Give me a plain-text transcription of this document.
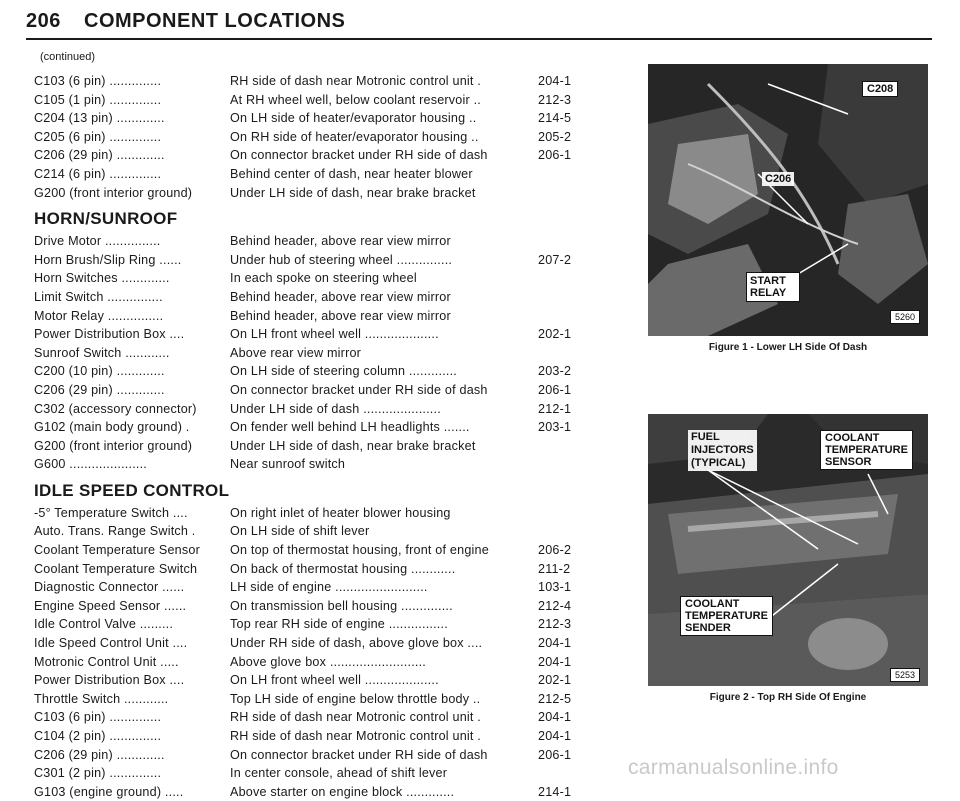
206 COMPONENT LOCATIONS
(continued)
C103 (6 pin) ..............	RH side of dash near Motronic control unit .	204-1
C105 (1 pin) ..............	At RH wheel well, below coolant reservoir ..	212-3
C204 (13 pin) .............	On LH side of heater/evaporator housing ..	214-5
C205 (6 pin) ..............	On RH side of heater/evaporator housing ..	205-2
C206 (29 pin) .............	On connector bracket under RH side of dash	206-1
C214 (6 pin) ..............	Behind center of dash, near heater blower
G200 (front interior ground)	Under LH side of dash, near brake bracket
HORN/SUNROOF
Drive Motor ...............	Behind header, above rear view mirror
Horn Brush/Slip Ring ......	Under hub of steering wheel ...............	207-2
Horn Switches .............	In each spoke on steering wheel
Limit Switch ...............	Behind header, above rear view mirror
Motor Relay ...............	Behind header, above rear view mirror
Power Distribution Box ....	On LH front wheel well ....................	202-1
Sunroof Switch ............	Above rear view mirror
C200 (10 pin) .............	On LH side of steering column .............	203-2
C206 (29 pin) .............	On connector bracket under RH side of dash	206-1
C302 (accessory connector)	Under LH side of dash .....................	212-1
G102 (main body ground) .	On fender well behind LH headlights .......	203-1
G200 (front interior ground)	Under LH side of dash, near brake bracket
G600 .....................	Near sunroof switch
IDLE SPEED CONTROL
-5° Temperature Switch ....	On right inlet of heater blower housing
Auto. Trans. Range Switch .	On LH side of shift lever
Coolant Temperature Sensor On top of thermostat housing, front of engine	206-2
Coolant Temperature Switch	On back of thermostat housing ............	211-2
Diagnostic Connector ......	LH side of engine .........................	103-1
Engine Speed Sensor ......	On transmission bell housing ..............	212-4
Idle Control Valve .........	Top rear RH side of engine ................	212-3
Idle Speed Control Unit ....	Under RH side of dash, above glove box ....	204-1
Motronic Control Unit .....	Above glove box ..........................	204-1
Power Distribution Box ....	On LH front wheel well ....................	202-1
Throttle Switch ............	Top LH side of engine below throttle body ..	212-5
C103 (6 pin) ..............	RH side of dash near Motronic control unit .	204-1
C104 (2 pin) ..............	RH side of dash near Motronic control unit .	204-1
C206 (29 pin) .............	On connector bracket under RH side of dash	206-1
C301 (2 pin) ..............	In center console, ahead of shift lever
G103 (engine ground) .....	Above starter on engine block .............	214-1
C208
C206
START
RELAY
5260
Figure 1 - Lower LH Side Of Dash
FUEL
INJECTORS
(TYPICAL)
COOLANT
TEMPERATURE
SENSOR
COOLANT
TEMPERATURE
SENDER
5253
Figure 2 - Top RH Side Of Engine
carmanualsonline.info
